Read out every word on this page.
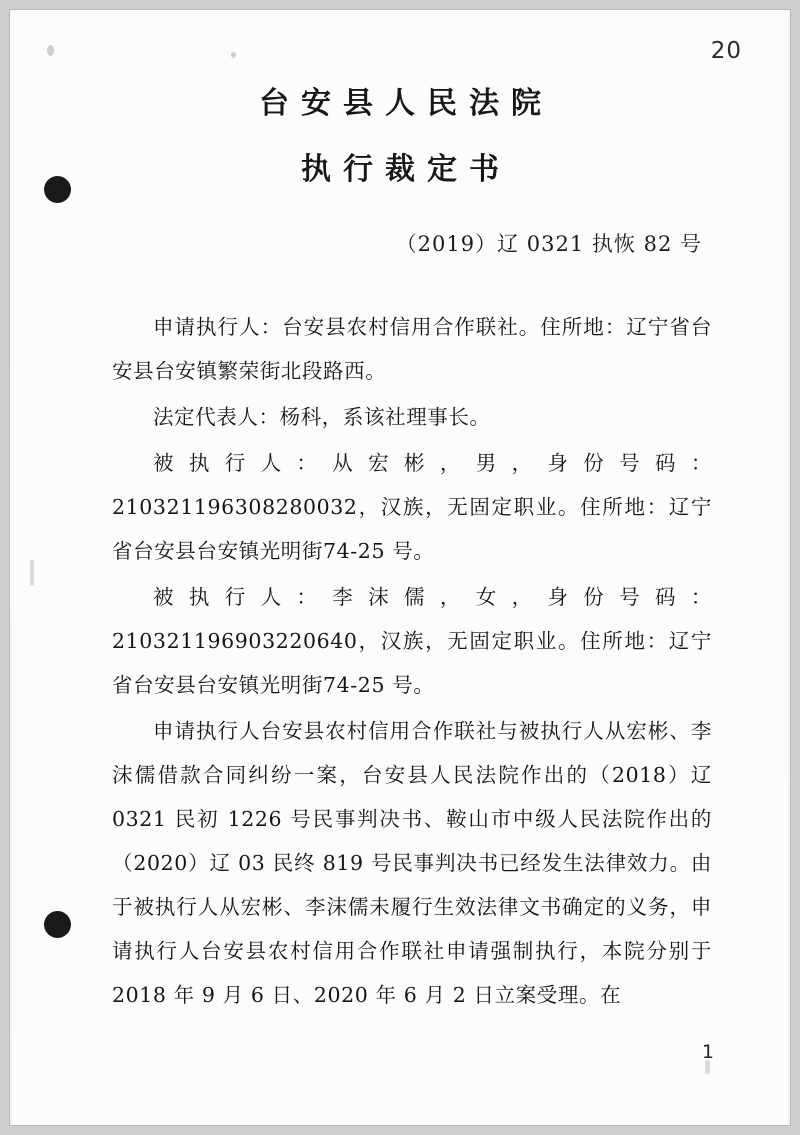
20
台安县人民法院
执行裁定书
（2019）辽 0321 执恢 82 号

申请执行人：台安县农村信用合作联社。住所地：辽宁省台安县台安镇繁荣街北段路西。

法定代表人：杨科，系该社理事长。

被执行人：从宏彬，男，身份号码：210321196308280032，汉族，无固定职业。住所地：辽宁省台安县台安镇光明街74-25 号。

被执行人：李沫儒，女，身份号码：210321196903220640，汉族，无固定职业。住所地：辽宁省台安县台安镇光明街74-25 号。

申请执行人台安县农村信用合作联社与被执行人从宏彬、李沫儒借款合同纠纷一案，台安县人民法院作出的（2018）辽 0321 民初 1226 号民事判决书、鞍山市中级人民法院作出的（2020）辽 03 民终 819 号民事判决书已经发生法律效力。由于被执行人从宏彬、李沫儒未履行生效法律文书确定的义务，申请执行人台安县农村信用合作联社申请强制执行，本院分别于 2018 年 9 月 6 日、2020 年 6 月 2 日立案受理。在

1
